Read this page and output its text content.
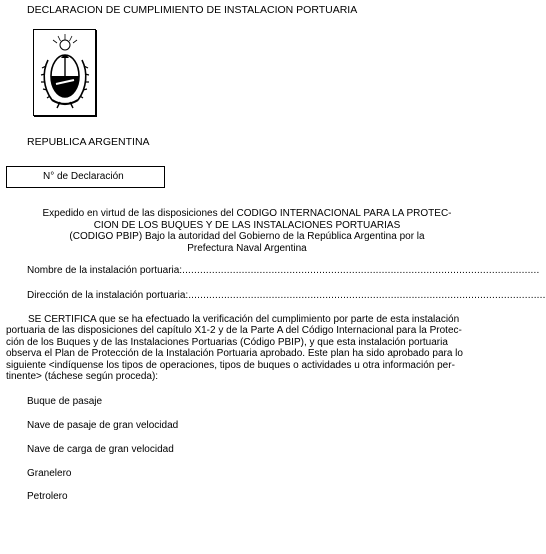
DECLARACION DE CUMPLIMIENTO DE INSTALACION PORTUARIA
REPUBLICA ARGENTINA
N° de Declaración
Expedido en virtud de las disposiciones del CODIGO INTERNACIONAL PARA LA PROTEC-
CION DE LOS BUQUES Y DE LAS INSTALACIONES PORTUARIAS
(CODIGO PBIP) Bajo la autoridad del Gobierno de la República Argentina por la
Prefectura Naval Argentina
Nombre de la instalación portuaria:........................................................................................................................
Dirección de la instalación portuaria:........................................................................................................................
SE CERTIFICA que se ha efectuado la verificación del cumplimiento por parte de esta instalación
portuaria de las disposiciones del capítulo X1-2 y de la Parte A del Código Internacional para la Protec-
ción de los Buques y de las Instalaciones Portuarias (Código PBIP), y que esta instalación portuaria
observa el Plan de Protección de la Instalación Portuaria aprobado. Este plan ha sido aprobado para lo
siguiente <indíquense los tipos de operaciones, tipos de buques o actividades u otra información per-
tinente> (táchese según proceda):
Buque de pasaje
Nave de pasaje de gran velocidad
Nave de carga de gran velocidad
Granelero
Petrolero
